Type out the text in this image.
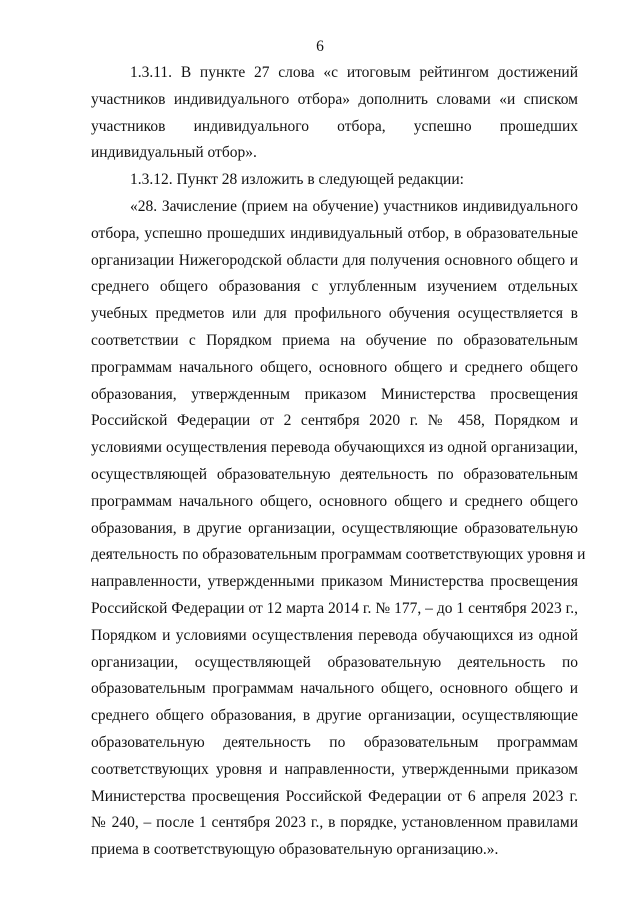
6
1.3.11. В пункте 27 слова «с итоговым рейтингом достижений
участников индивидуального отбора» дополнить словами «и списком
участников индивидуального отбора, успешно прошедших
индивидуальный отбор».
1.3.12. Пункт 28 изложить в следующей редакции:
«28. Зачисление (прием на обучение) участников индивидуального
отбора, успешно прошедших индивидуальный отбор, в образовательные
организации Нижегородской области для получения основного общего и
среднего общего образования с углубленным изучением отдельных
учебных предметов или для профильного обучения осуществляется в
соответствии с Порядком приема на обучение по образовательным
программам начального общего, основного общего и среднего общего
образования, утвержденным приказом Министерства просвещения
Российской Федерации от 2 сентября 2020 г. № 458, Порядком и
условиями осуществления перевода обучающихся из одной организации,
осуществляющей образовательную деятельность по образовательным
программам начального общего, основного общего и среднего общего
образования, в другие организации, осуществляющие образовательную
деятельность по образовательным программам соответствующих уровня и
направленности, утвержденными приказом Министерства просвещения
Российской Федерации от 12 марта 2014 г. № 177, – до 1 сентября 2023 г.,
Порядком и условиями осуществления перевода обучающихся из одной
организации, осуществляющей образовательную деятельность по
образовательным программам начального общего, основного общего и
среднего общего образования, в другие организации, осуществляющие
образовательную деятельность по образовательным программам
соответствующих уровня и направленности, утвержденными приказом
Министерства просвещения Российской Федерации от 6 апреля 2023 г.
№ 240, – после 1 сентября 2023 г., в порядке, установленном правилами
приема в соответствующую образовательную организацию.».
